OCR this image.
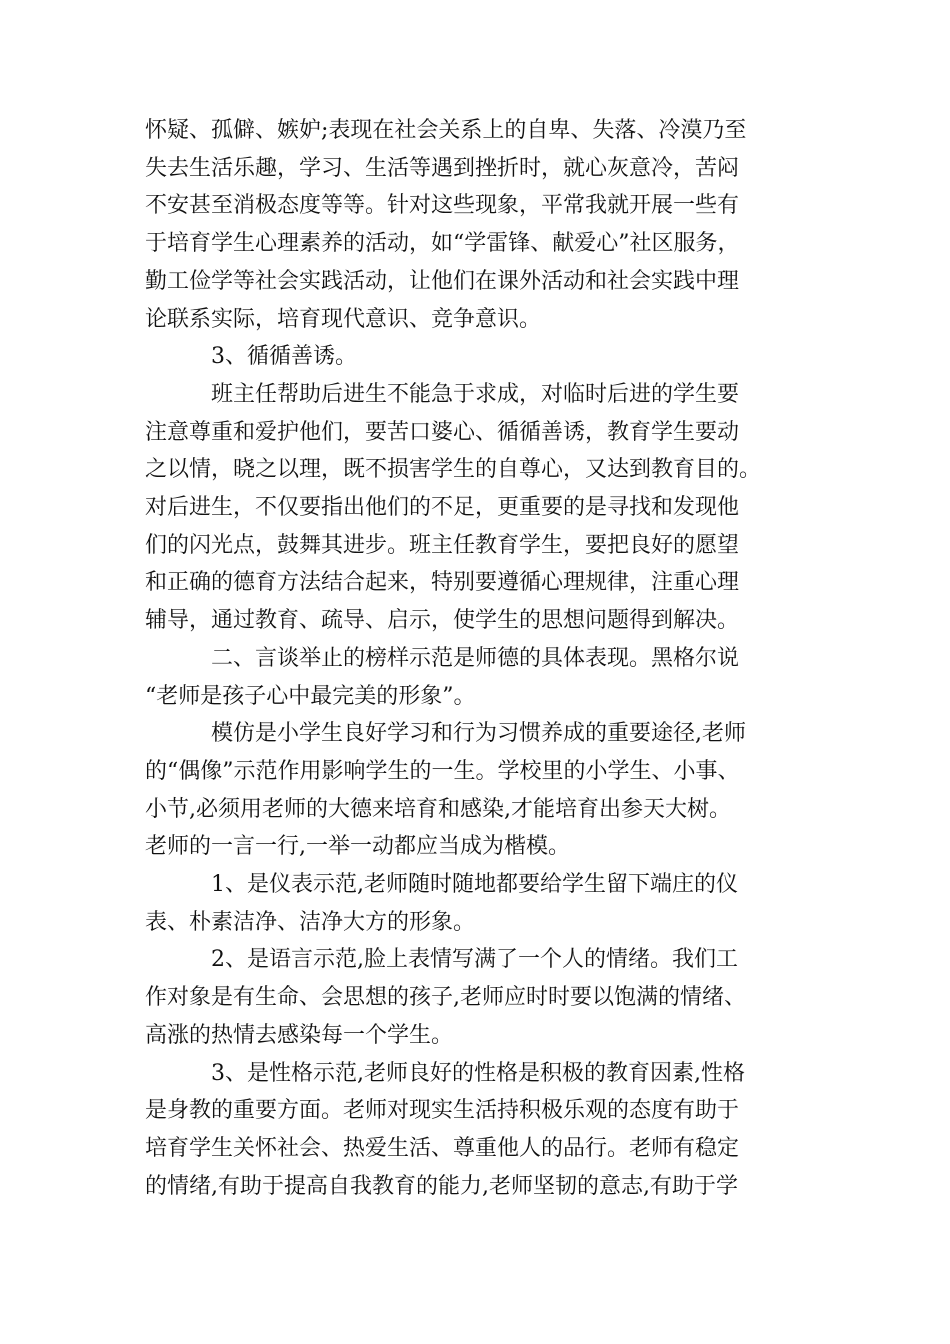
怀疑、孤僻、嫉妒;表现在社会关系上的自卑、失落、冷漠乃至
失去生活乐趣，学习、生活等遇到挫折时，就心灰意冷，苦闷
不安甚至消极态度等等。针对这些现象，平常我就开展一些有
于培育学生心理素养的活动，如“学雷锋、献爱心”社区服务，
勤工俭学等社会实践活动，让他们在课外活动和社会实践中理
论联系实际，培育现代意识、竞争意识。
3、循循善诱。
班主任帮助后进生不能急于求成，对临时后进的学生要
注意尊重和爱护他们，要苦口婆心、循循善诱，教育学生要动
之以情，晓之以理，既不损害学生的自尊心，又达到教育目的。
对后进生，不仅要指出他们的不足，更重要的是寻找和发现他
们的闪光点，鼓舞其进步。班主任教育学生，要把良好的愿望
和正确的德育方法结合起来，特别要遵循心理规律，注重心理
辅导，通过教育、疏导、启示，使学生的思想问题得到解决。
二、言谈举止的榜样示范是师德的具体表现。黑格尔说
“老师是孩子心中最完美的形象”。
模仿是小学生良好学习和行为习惯养成的重要途径,老师
的“偶像”示范作用影响学生的一生。学校里的小学生、小事、
小节,必须用老师的大德来培育和感染,才能培育出参天大树。
老师的一言一行,一举一动都应当成为楷模。
1、是仪表示范,老师随时随地都要给学生留下端庄的仪
表、朴素洁净、洁净大方的形象。
2、是语言示范,脸上表情写满了一个人的情绪。我们工
作对象是有生命、会思想的孩子,老师应时时要以饱满的情绪、
高涨的热情去感染每一个学生。
3、是性格示范,老师良好的性格是积极的教育因素,性格
是身教的重要方面。老师对现实生活持积极乐观的态度有助于
培育学生关怀社会、热爱生活、尊重他人的品行。老师有稳定
的情绪,有助于提高自我教育的能力,老师坚韧的意志,有助于学
